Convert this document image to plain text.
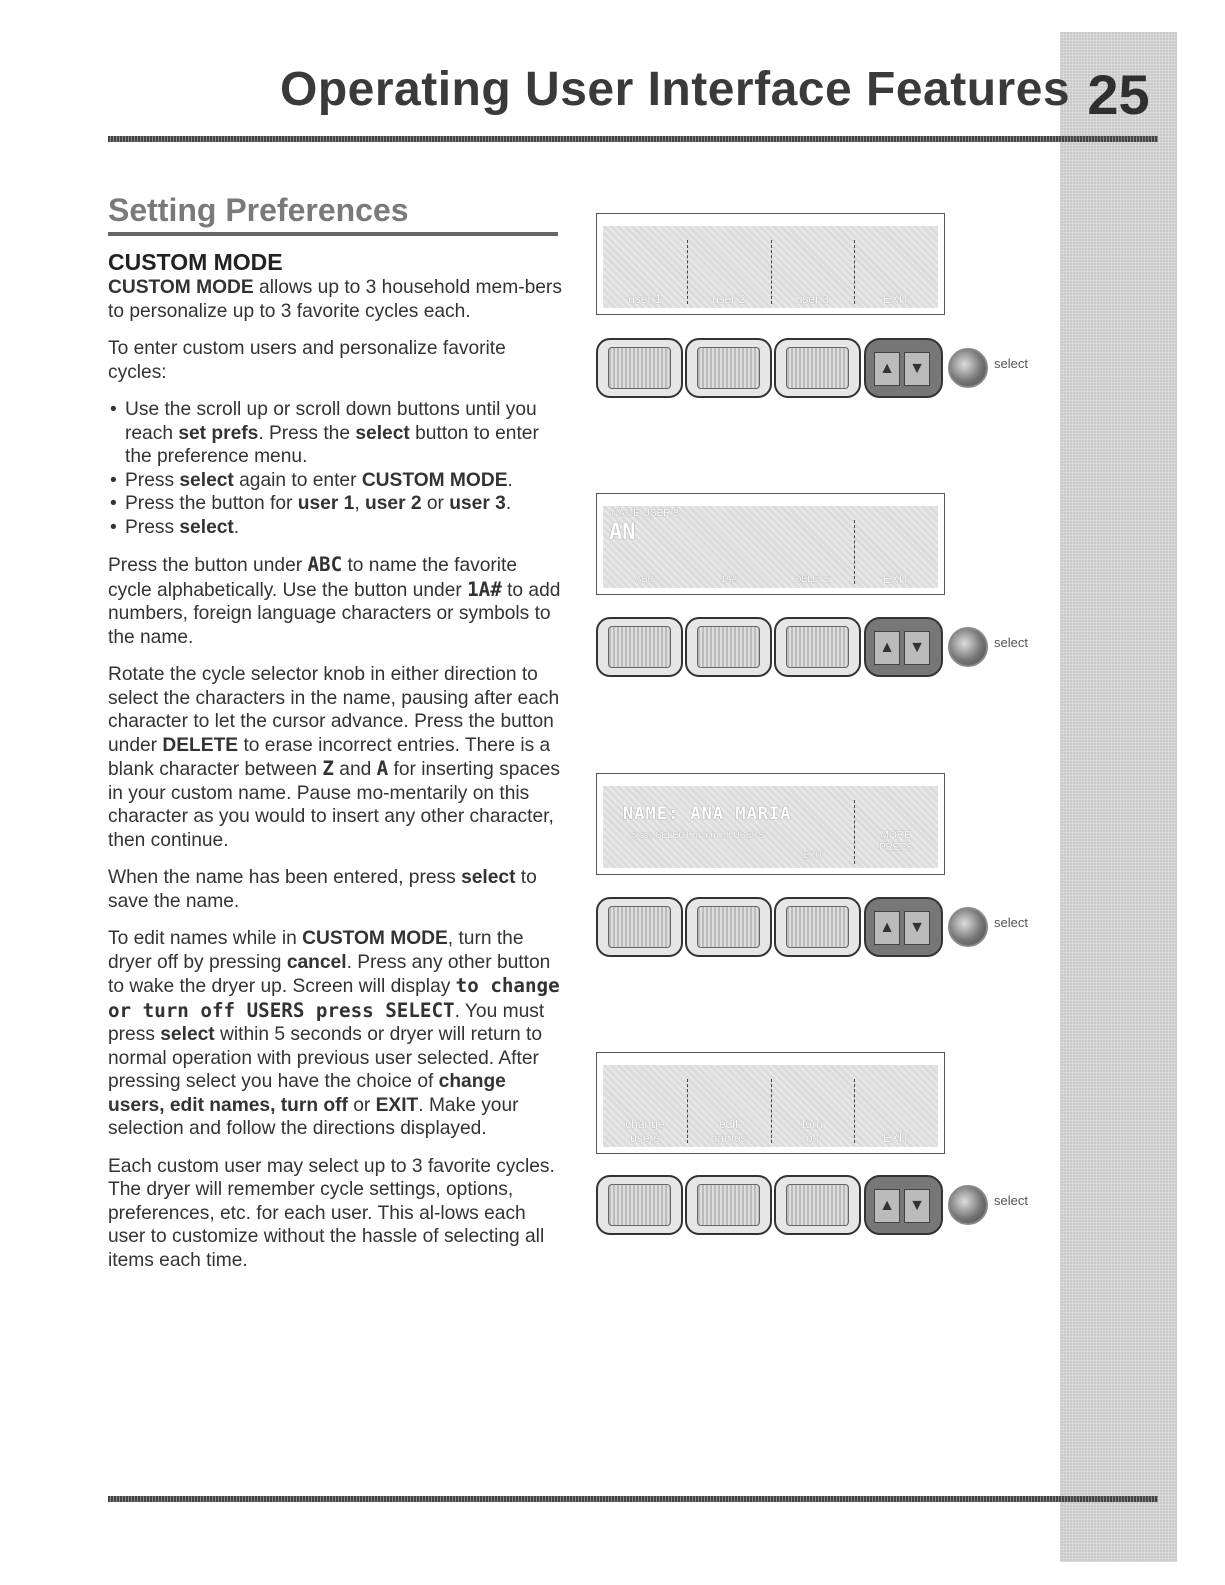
Operating User Interface Features 25
Setting Preferences
CUSTOM MODE

CUSTOM MODE allows up to 3 household mem-bers to personalize up to 3 favorite cycles each.

To enter custom users and personalize favorite cycles:

• Use the scroll up or scroll down buttons until you reach set prefs. Press the select button to enter the preference menu.
• Press select again to enter CUSTOM MODE.
• Press the button for user 1, user 2 or user 3.
• Press select.

Press the button under ABC to name the favorite cycle alphabetically. Use the button under 1A# to add numbers, foreign language characters or symbols to the name.

Rotate the cycle selector knob in either direction to select the characters in the name, pausing after each character to let the cursor advance. Press the button under DELETE to erase incorrect entries. There is a blank character between Z and A for inserting spaces in your custom name. Pause mo-mentarily on this character as you would to insert any other character, then continue.

When the name has been entered, press select to save the name.

To edit names while in CUSTOM MODE, turn the dryer off by pressing cancel. Press any other button to wake the dryer up. Screen will display to change or turn off USERS press SELECT. You must press select within 5 seconds or dryer will return to normal operation with previous user selected. After pressing select you have the choice of change users, edit names, turn off or EXIT. Make your selection and follow the directions displayed.

Each custom user may select up to 3 favorite cycles. The dryer will remember cycle settings, options, preferences, etc. for each user. This al-lows each user to customize without the hassle of selecting all items each time.

user 1	user 2	user 3	EXIT
▲ ▼	select
NAME USER 3
AN
ABC	1A#	DELETE	EXIT
▲ ▼	select
NAME: ANA MARIA
press SELECT to turn off USERS
EXIT
MORE
PREFS
▲ ▼	select
change
users
edit
names
turn
off	EXIT
▲ ▼	select
